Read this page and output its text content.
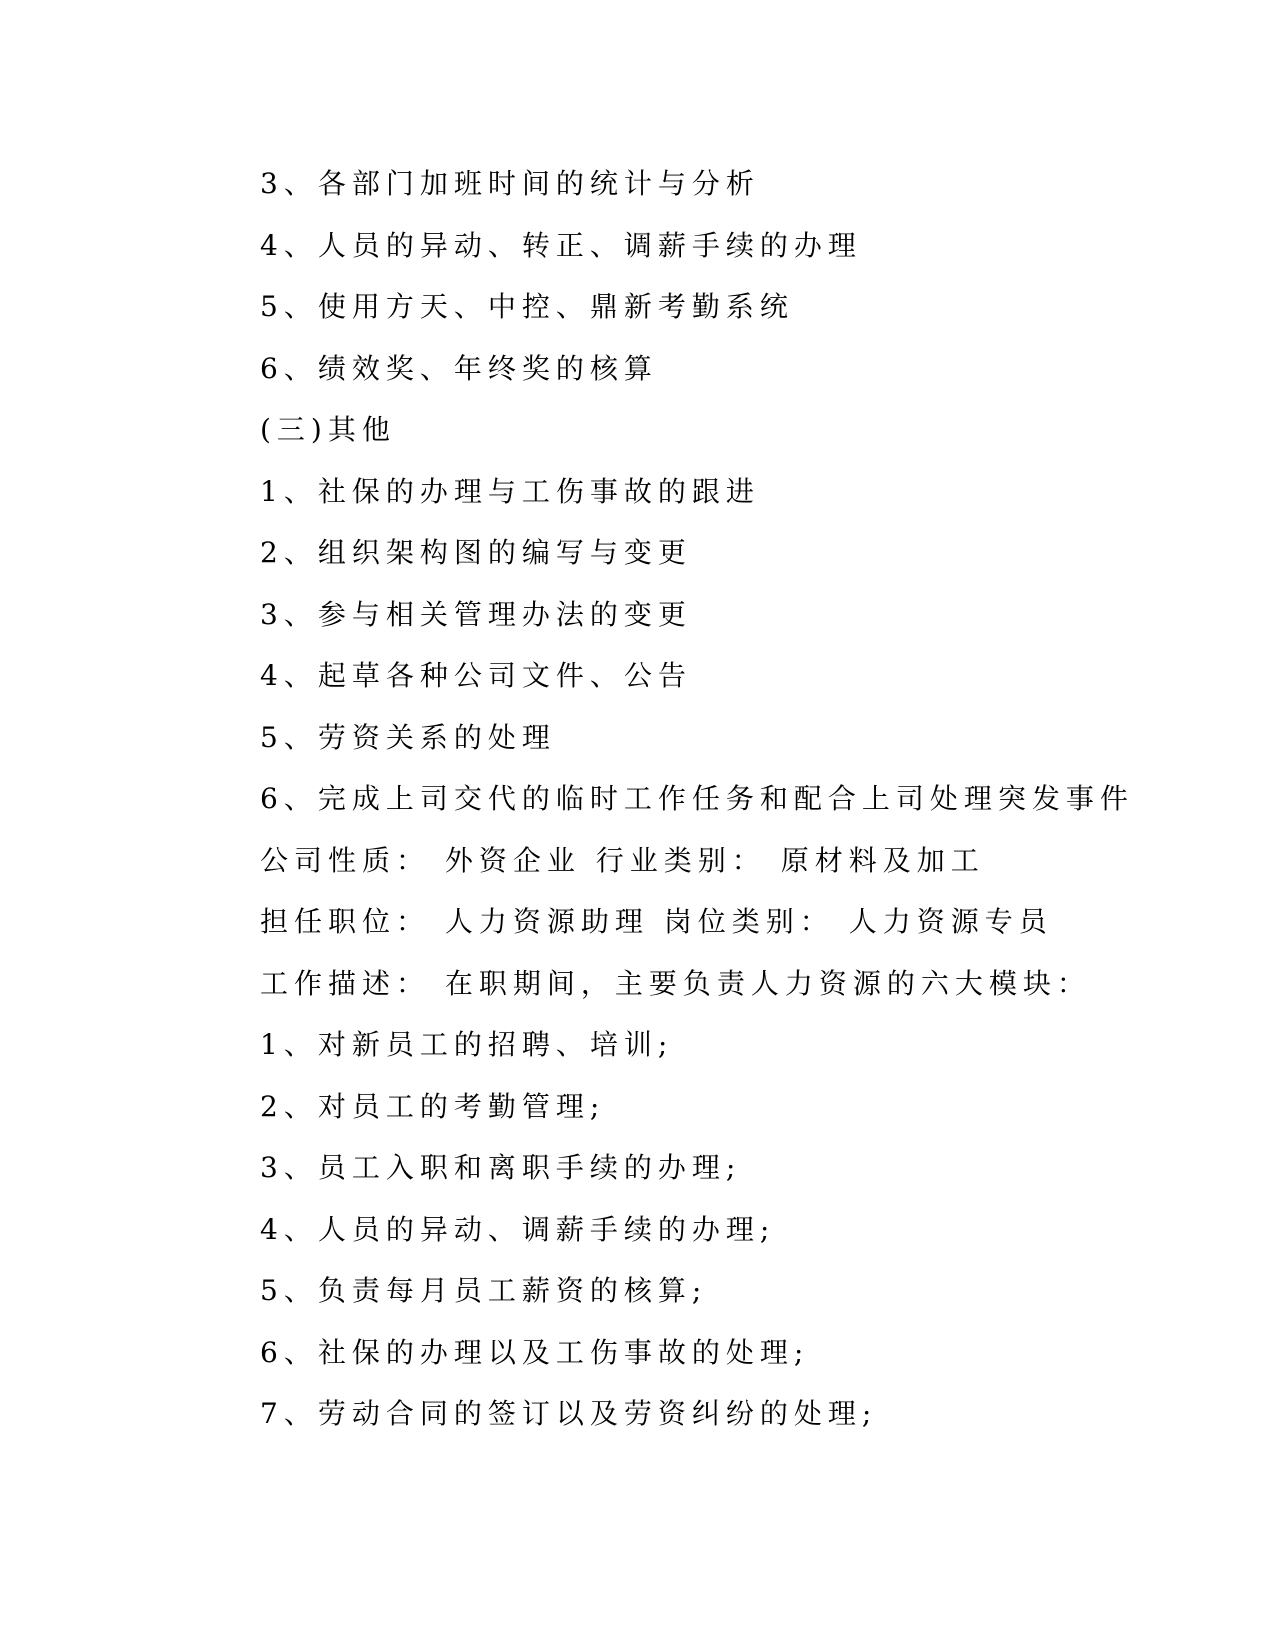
3、各部门加班时间的统计与分析
4、人员的异动、转正、调薪手续的办理
5、使用方天、中控、鼎新考勤系统
6、绩效奖、年终奖的核算
(三)其他
1、社保的办理与工伤事故的跟进
2、组织架构图的编写与变更
3、参与相关管理办法的变更
4、起草各种公司文件、公告
5、劳资关系的处理
6、完成上司交代的临时工作任务和配合上司处理突发事件
公司性质： 外资企业 行业类别： 原材料及加工
担任职位： 人力资源助理 岗位类别： 人力资源专员
工作描述： 在职期间，主要负责人力资源的六大模块：
1、对新员工的招聘、培训;
2、对员工的考勤管理;
3、员工入职和离职手续的办理;
4、人员的异动、调薪手续的办理;
5、负责每月员工薪资的核算;
6、社保的办理以及工伤事故的处理;
7、劳动合同的签订以及劳资纠纷的处理;
